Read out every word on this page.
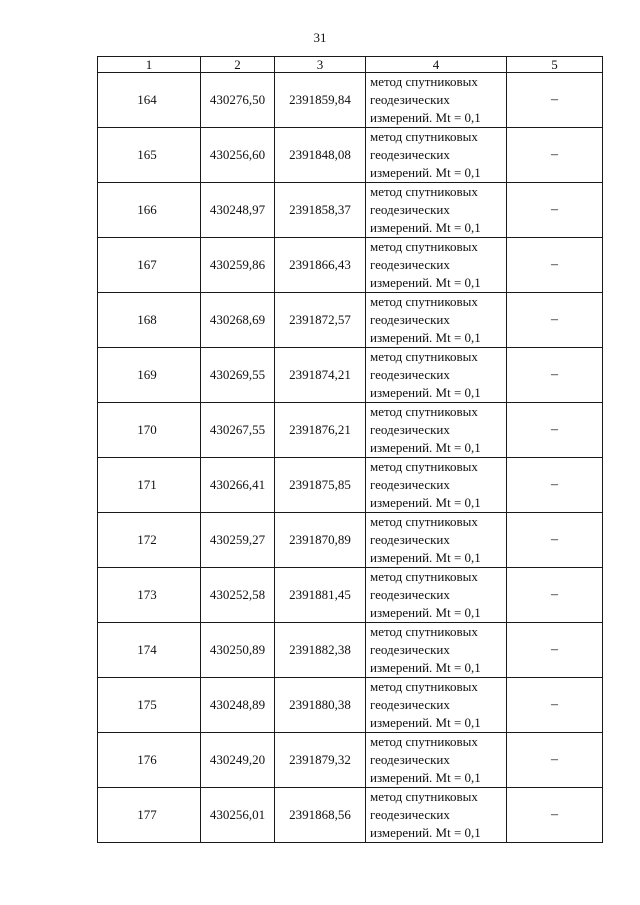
31
1	2	3	4	5
164	430276,50	2391859,84	метод спутниковых
геодезических
измерений. Mt = 0,1	–
165	430256,60	2391848,08	метод спутниковых
геодезических
измерений. Mt = 0,1	–
166	430248,97	2391858,37	метод спутниковых
геодезических
измерений. Mt = 0,1	–
167	430259,86	2391866,43	метод спутниковых
геодезических
измерений. Mt = 0,1	–
168	430268,69	2391872,57	метод спутниковых
геодезических
измерений. Mt = 0,1	–
169	430269,55	2391874,21	метод спутниковых
геодезических
измерений. Mt = 0,1	–
170	430267,55	2391876,21	метод спутниковых
геодезических
измерений. Mt = 0,1	–
171	430266,41	2391875,85	метод спутниковых
геодезических
измерений. Mt = 0,1	–
172	430259,27	2391870,89	метод спутниковых
геодезических
измерений. Mt = 0,1	–
173	430252,58	2391881,45	метод спутниковых
геодезических
измерений. Mt = 0,1	–
174	430250,89	2391882,38	метод спутниковых
геодезических
измерений. Mt = 0,1	–
175	430248,89	2391880,38	метод спутниковых
геодезических
измерений. Mt = 0,1	–
176	430249,20	2391879,32	метод спутниковых
геодезических
измерений. Mt = 0,1	–
177	430256,01	2391868,56	метод спутниковых
геодезических
измерений. Mt = 0,1	–
